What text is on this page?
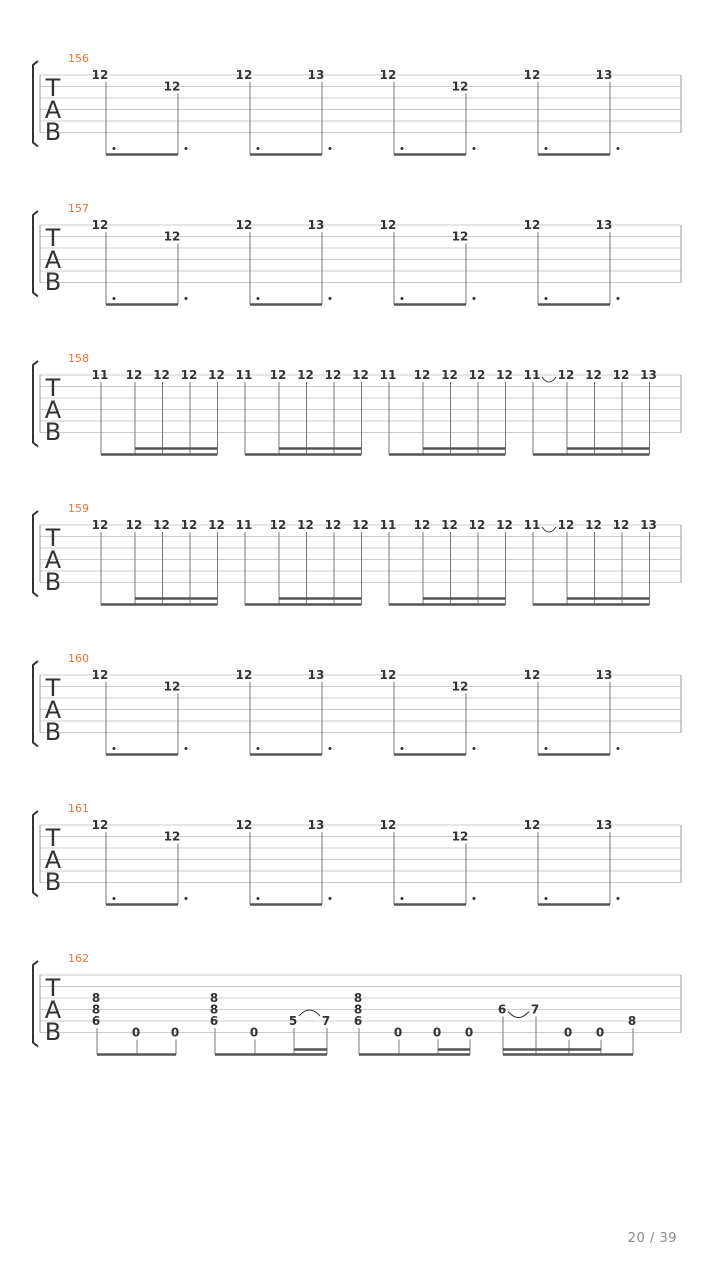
T
A
B
156
12
12
12	13	12
12
12	13
T
A
B
157
12
12
12	13	12
12
12	13
T
A
B
158
11 12 12 12 12 11 12 12 12 12 11 12 12 12 12 11 12 12 12 13
T
A
B
159
12 12 12 12 12 11 12 12 12 12 11 12 12 12 12 11 12 12 12 13
T
A
B
160
12
12
12	13	12
12
12	13
T
A
B
161
12
12
12	13	12
12
12	13
T
A
B
162
8
8
6
0	0
8
8
6
0
5 7
8
8
6
0	0 0
6 7
0 0
8
20 / 39
